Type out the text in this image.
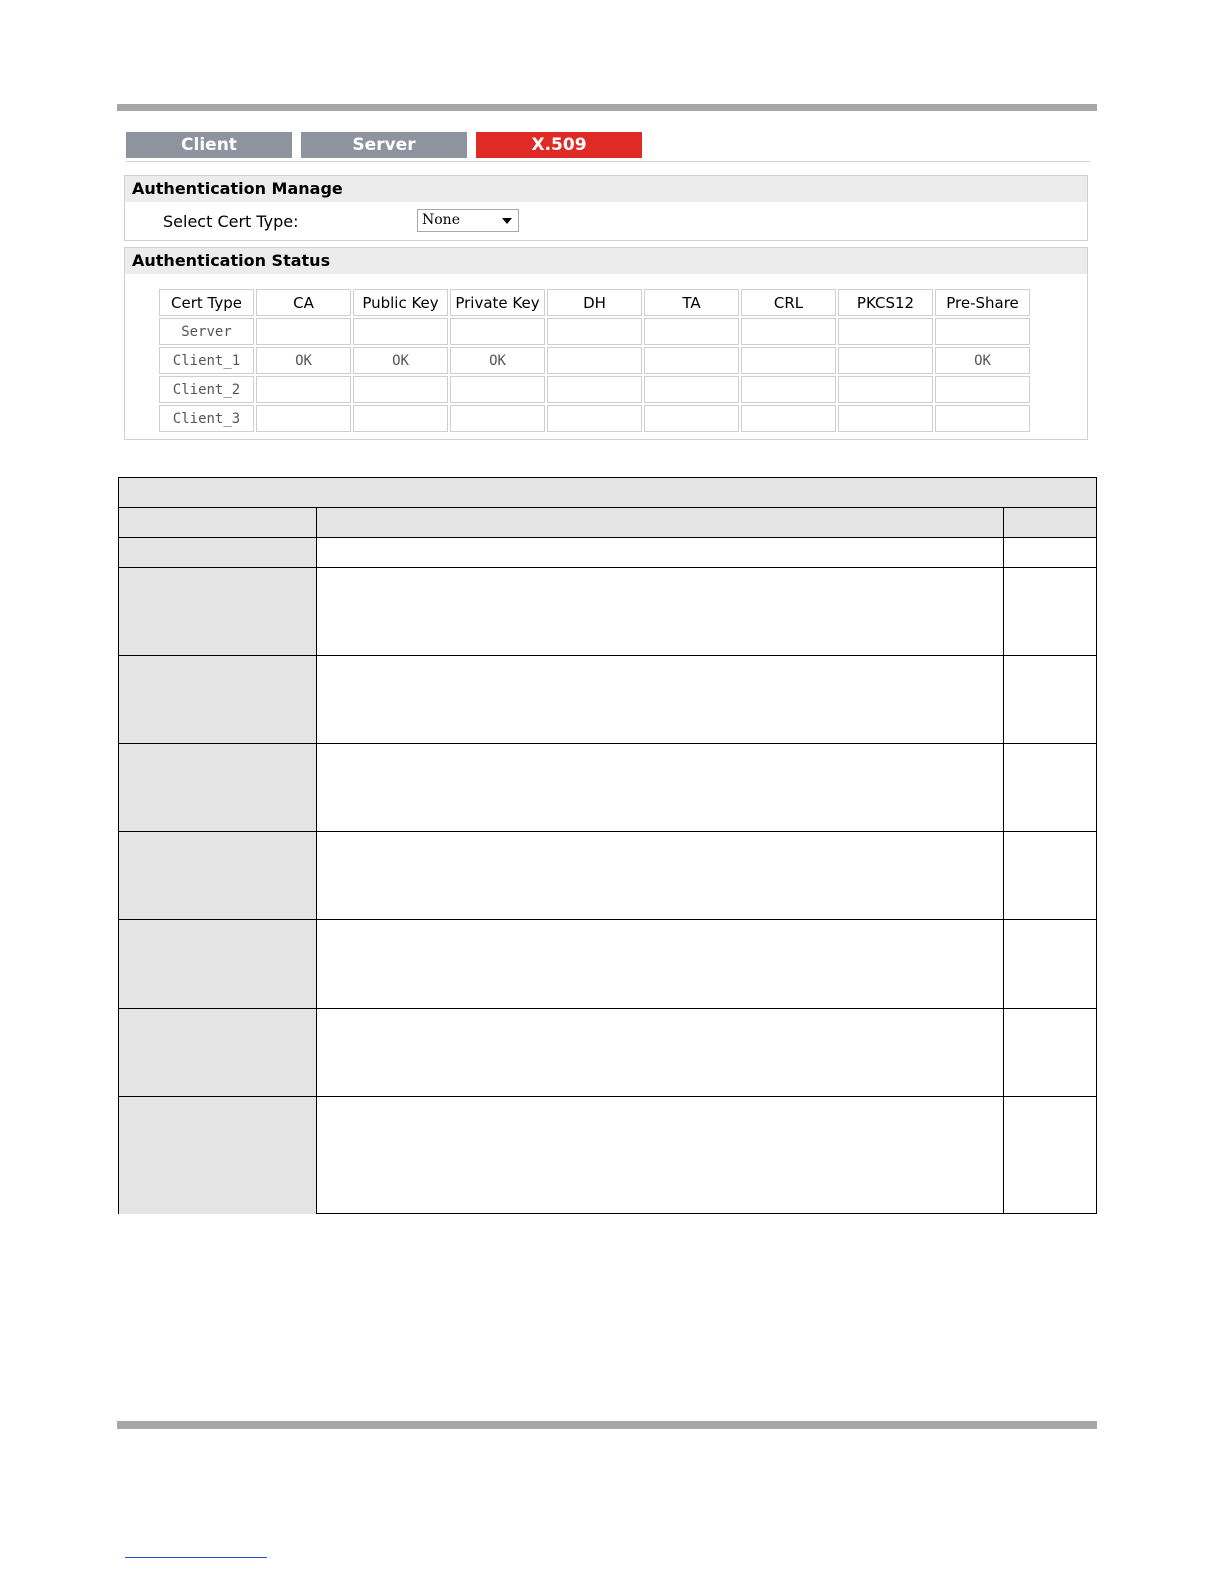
Client	Server	X.509
Authentication Manage
Select Cert Type:	None
Authentication Status
Cert Type	CA	Public Key	Private Key	DH	TA	CRL	PKCS12	Pre-Share
Server								
Client_1	OK	OK	OK					OK
Client_2								
Client_3								
